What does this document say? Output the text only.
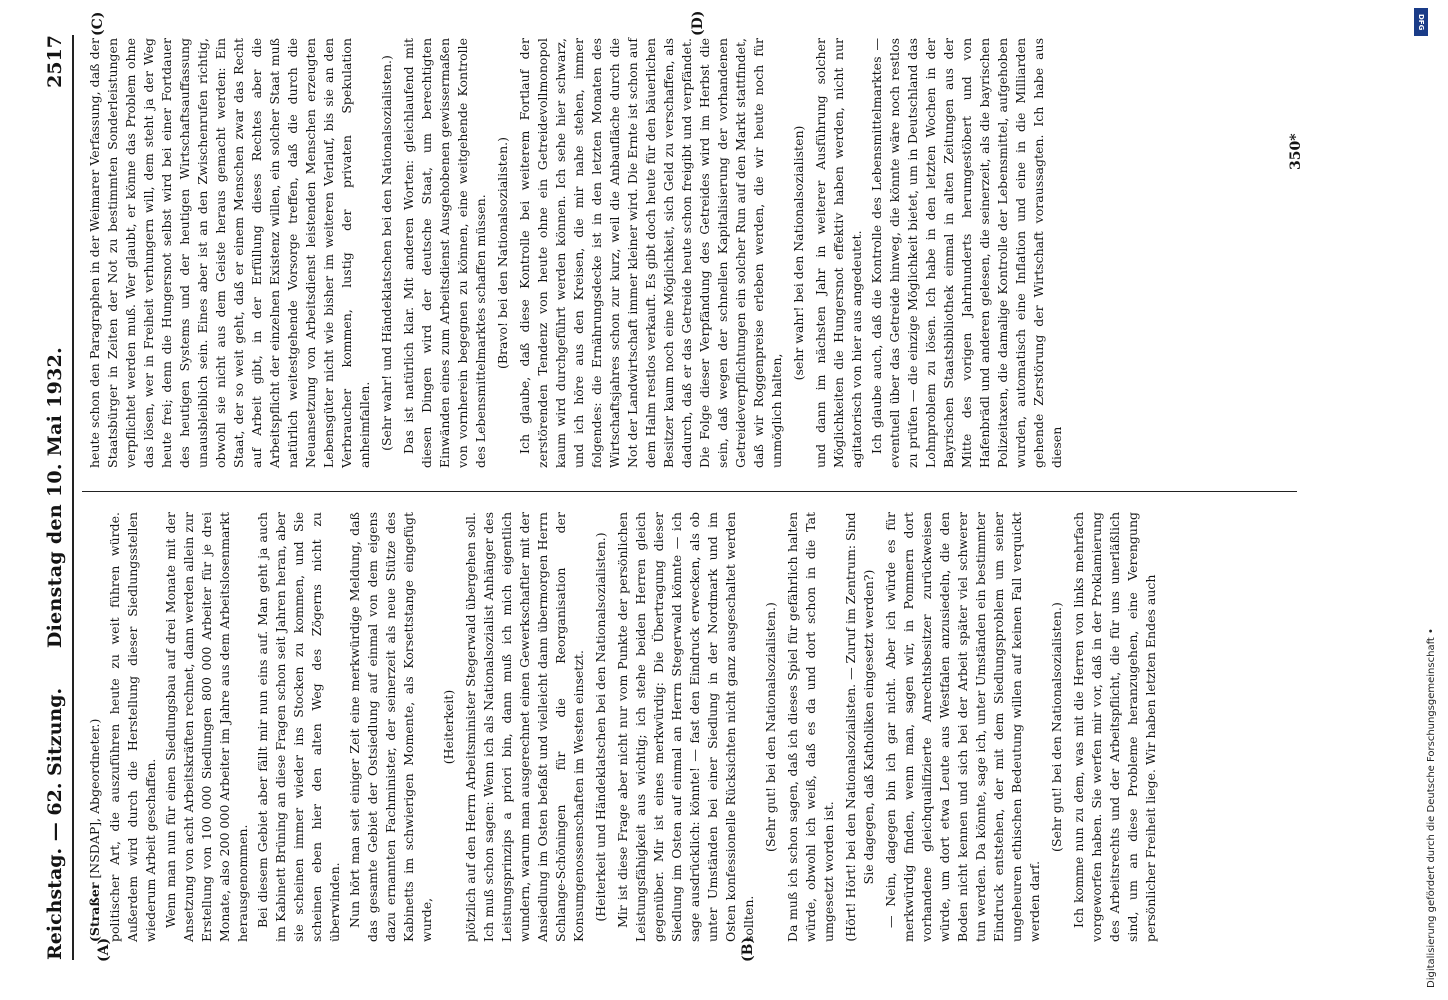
Reichstag. — 62. Sitzung.
Dienstag den 10. Mai 1932.
2517
(A)	(B)
(C)	(D)

(Straßer [NSDAP], Abgeordneter.) politischer Art, die auszuführen heute zu weit führen würde. Außerdem wird durch die Herstellung dieser Siedlungsstellen wiederum Arbeit geschaffen. Wenn man nun für einen Siedlungsbau auf drei Monate mit der Ansetzung von acht Arbeitskräften rechnet, dann werden allein zur Erstellung von 100 000 Siedlungen 800 000 Arbeiter für je drei Monate, also 200 000 Arbeiter im Jahre aus dem Arbeitslosenmarkt herausgenommen. Bei diesem Gebiet aber fällt mir nun eins auf. Man geht ja auch im Kabinett Brüning an diese Fragen schon seit Jahren heran, aber sie scheinen immer wieder ins Stocken zu kommen, und Sie scheinen eben hier den alten Weg des Zögerns nicht zu überwinden. Nun hört man seit einiger Zeit eine merkwürdige Meldung, daß das gesamte Gebiet der Ostsiedlung auf einmal von dem eigens dazu ernannten Fachminister, der seinerzeit als neue Stütze des Kabinetts im schwierigen Momente, als Korsettstange eingefügt wurde,

(Heiterkeit) plötzlich auf den Herrn Arbeitsminister Stegerwald übergehen soll. Ich muß schon sagen: Wenn ich als Nationalsozialist Anhänger des Leistungsprinzips a priori bin, dann muß ich mich eigentlich wundern, warum man ausgerechnet einen Gewerkschaftler mit der Ansiedlung im Osten befaßt und vielleicht dann übermorgen Herrn Schlange-Schöningen für die Reorganisation der Konsumgenossenschaften im Westen einsetzt. (Heiterkeit und Händeklatschen bei den Nationalsozialisten.) Mir ist diese Frage aber nicht nur vom Punkte der persönlichen Leistungsfähigkeit aus wichtig; ich stehe beiden Herren gleich gegenüber. Mir ist eines merkwürdig: Die Übertragung dieser Siedlung im Osten auf einmal an Herrn Stegerwald könnte — ich sage ausdrücklich: könnte! — fast den Eindruck erwecken, als ob unter Umständen bei einer Siedlung in der Nordmark und im Osten konfessionelle Rücksichten nicht ganz ausgeschaltet werden sollten.

(Sehr gut! bei den Nationalsozialisten.) Da muß ich schon sagen, daß ich dieses Spiel für gefährlich halten würde, obwohl ich weiß, daß es da und dort schon in die Tat umgesetzt worden ist. (Hört! Hört! bei den Nationalsozialisten. — Zuruf im Zentrum: Sind Sie dagegen, daß Katholiken eingesetzt werden?) — Nein, dagegen bin ich gar nicht. Aber ich würde es für merkwürdig finden, wenn man, sagen wir, in Pommern dort vorhandene gleichqualifizierte Anrechtsbesitzer zurückweisen würde, um dort etwa Leute aus Westfalen anzusiedeln, die den Boden nicht kennen und sich bei der Arbeit später viel schwerer tun werden. Da könnte, sage ich, unter Umständen ein bestimmter Eindruck entstehen, der mit dem Siedlungsproblem um seiner ungeheuren ethischen Bedeutung willen auf keinen Fall verquickt werden darf.

(Sehr gut! bei den Nationalsozialisten.) Ich komme nun zu dem, was mit die Herren von links mehrfach vorgeworfen haben. Sie werfen mir vor, daß in der Proklamierung des Arbeitsrechts und der Arbeitspflicht, die für uns unerläßlich sind, um an diese Probleme heranzugehen, eine Verengung persönlicher Freiheit liege. Wir haben letzten Endes auch

heute schon den Paragraphen in der Weimarer Verfassung, daß der Staatsbürger in Zeiten der Not zu bestimmten Sonderleistungen verpflichtet werden muß. Wer glaubt, er könne das Problem ohne das lösen, wer in Freiheit verhungern will, dem steht ja der Weg heute frei; denn die Hungersnot selbst wird bei einer Fortdauer des heutigen Systems und der heutigen Wirtschaftsauffassung unausbleiblich sein. Eines aber ist an den Zwischenrufen richtig, obwohl sie nicht aus dem Geiste heraus gemacht werden: Ein Staat, der so weit geht, daß er einem Menschen zwar das Recht auf Arbeit gibt, in der Erfüllung dieses Rechtes aber die Arbeitspflicht der einzelnen Existenz willen, ein solcher Staat muß natürlich weitestgehende Vorsorge treffen, daß die durch die Neuansetzung von Arbeitsdienst leistenden Menschen erzeugten Lebensgüter nicht wie bisher im weiteren Verlauf, bis sie an den Verbraucher kommen, lustig der privaten Spekulation anheimfallen. (Sehr wahr! und Händeklatschen bei den Nationalsozialisten.) Das ist natürlich klar. Mit anderen Worten: gleichlaufend mit diesen Dingen wird der deutsche Staat, um berechtigten Einwänden eines zum Arbeitsdienst Ausgehobenen gewissermaßen von vornherein begegnen zu können, eine weitgehende Kontrolle des Lebensmittelmarktes schaffen müssen. (Bravo! bei den Nationalsozialisten.) Ich glaube, daß diese Kontrolle bei weiterem Fortlauf der zerstörenden Tendenz von heute ohne ein Getreidevollmonopol kaum wird durchgeführt werden können. Ich sehe hier schwarz, und ich höre aus den Kreisen, die mir nahe stehen, immer folgendes: die Ernährungsdecke ist in den letzten Monaten des Wirtschaftsjahres schon zur kurz, weil die Anbaufläche durch die Not der Landwirtschaft immer kleiner wird. Die Ernte ist schon auf dem Halm restlos verkauft. Es gibt doch heute für den bäuerlichen Besitzer kaum noch eine Möglichkeit, sich Geld zu verschaffen, als dadurch, daß er das Getreide heute schon freigibt und verpfändet. Die Folge dieser Verpfändung des Getreides wird im Herbst die sein, daß wegen der schnellen Kapitalisierung der vorhandenen Getreideverpflichtungen ein solcher Run auf den Markt stattfindet, daß wir Roggenpreise erleben werden, die wir heute noch für unmöglich halten,

(sehr wahr! bei den Nationalsozialisten) und dann im nächsten Jahr in weiterer Ausführung solcher Möglichkeiten die Hungersnot effektiv haben werden, nicht nur agitatorisch von hier aus angedeutet. Ich glaube auch, daß die Kontrolle des Lebensmittelmarktes — eventuell über das Getreide hinweg, die könnte wäre noch restlos zu prüfen — die einzige Möglichkeit bietet, um in Deutschland das Lohnproblem zu lösen. Ich habe in den letzten Wochen in der Bayrischen Staatsbibliothek einmal in alten Zeitungen aus der Mitte des vorigen Jahrhunderts herumgestöbert und von Hafenbrädl und anderen gelesen, die seinerzeit, als die bayrischen Polizeitaxen, die damalige Kontrolle der Lebensmittel, aufgehoben wurden, automatisch eine Inflation und eine in die Milliarden gehende Zerstörung der Wirtschaft voraussagten. Ich habe aus diesen

350*
Digitalisierung gefördert durch die Deutsche Forschungsgemeinschaft •
DFG
